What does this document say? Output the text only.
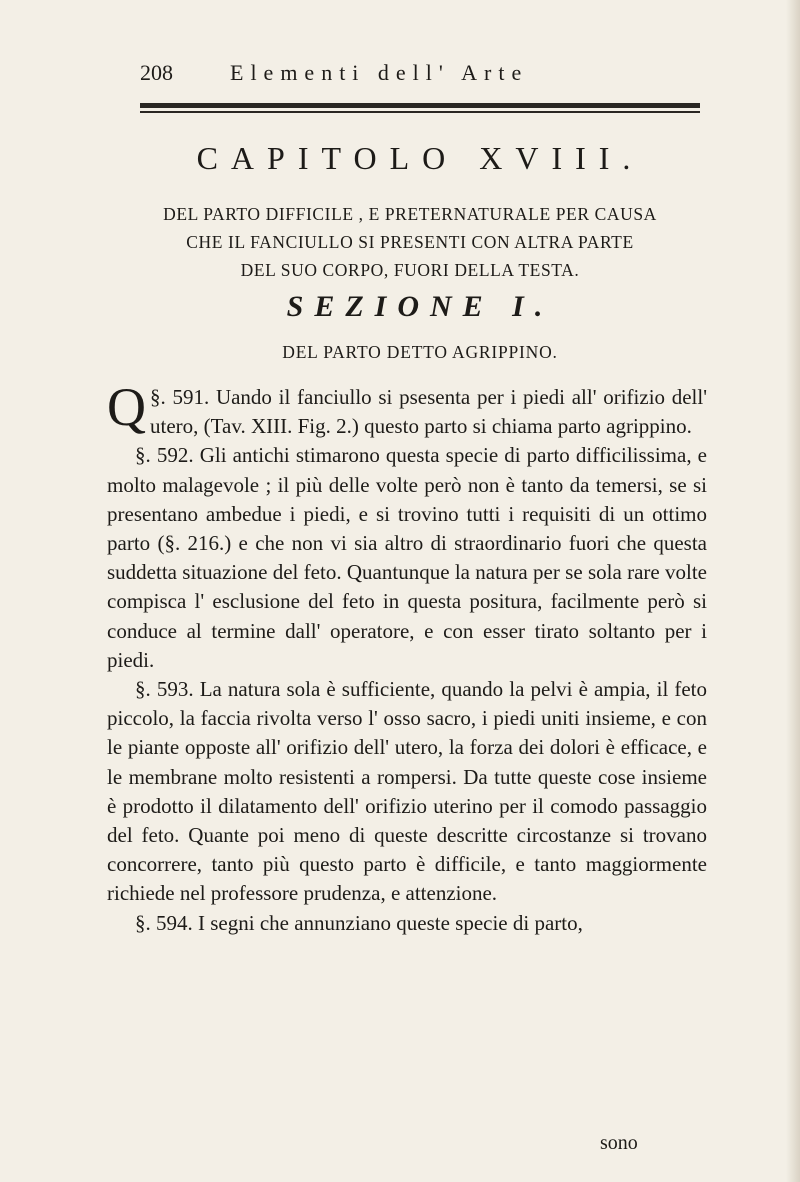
208	Elementi dell' Arte
CAPITOLO XVIII.
DEL PARTO DIFFICILE , E PRETERNATURALE PER CAUSA
CHE IL FANCIULLO SI PRESENTI CON ALTRA PARTE
DEL SUO CORPO, FUORI DELLA TESTA.
SEZIONE I.
DEL PARTO DETTO AGRIPPINO.

§. 591.
Q	Uando il fanciullo si psesenta per i piedi all' orifizio dell' utero, (Tav. XIII. Fig. 2.) questo parto si chiama parto agrippino.

§. 592. Gli antichi stimarono questa specie di parto difficilissima, e molto malagevole ; il più delle volte però non è tanto da temersi, se si presentano ambedue i piedi, e si trovino tutti i requisiti di un ottimo parto (§. 216.) e che non vi sia altro di straordinario fuori che questa suddetta situazione del feto. Quantunque la natura per se sola rare volte compisca l' esclusione del feto in questa positura, facilmente però si conduce al termine dall' operatore, e con esser tirato soltanto per i piedi.

§. 593. La natura sola è sufficiente, quando la pelvi è ampia, il feto piccolo, la faccia rivolta verso l' osso sacro, i piedi uniti insieme, e con le piante opposte all' orifizio dell' utero, la forza dei dolori è efficace, e le membrane molto resistenti a rompersi. Da tutte queste cose insieme è prodotto il dilatamento dell' orifizio uterino per il comodo passaggio del feto. Quante poi meno di queste descritte circostanze si trovano concorrere, tanto più questo parto è difficile, e tanto maggiormente richiede nel professore prudenza, e attenzione.

§. 594. I segni che annunziano queste specie di parto,

sono
